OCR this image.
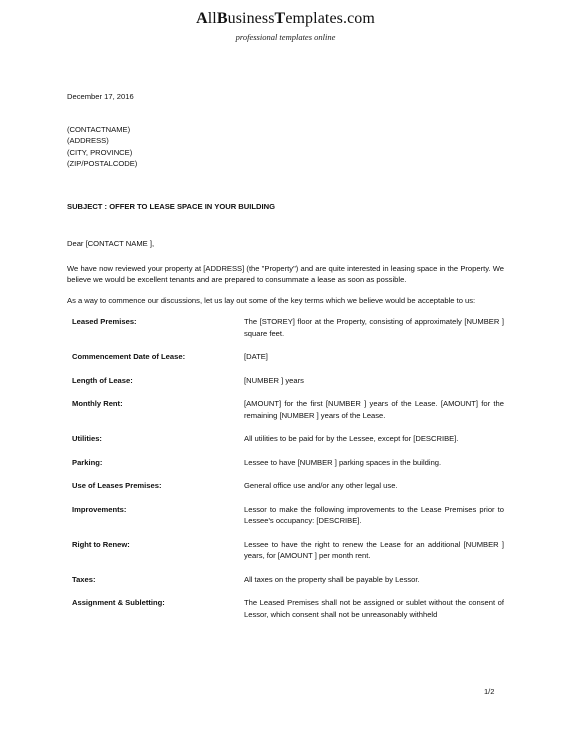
AllBusinessTemplates.com
professional templates online
December 17, 2016
(CONTACTNAME)
(ADDRESS)
(CITY, PROVINCE)
(ZIP/POSTALCODE)
SUBJECT : OFFER TO LEASE SPACE IN YOUR BUILDING
Dear [CONTACT NAME ],
We have now reviewed your property at [ADDRESS] (the "Property") and are quite interested in leasing space in the Property. We believe we would be excellent tenants and are prepared to consummate a lease as soon as possible.
As a way to commence our discussions, let us lay out some of the key terms which we believe would be acceptable to us:
Leased Premises:	The [STOREY] floor at the Property, consisting of approximately [NUMBER ] square feet.
Commencement Date of Lease:	[DATE]
Length of Lease:	[NUMBER ] years
Monthly Rent:	[AMOUNT] for the first [NUMBER ] years of the Lease. [AMOUNT] for the remaining [NUMBER ] years of the Lease.
Utilities:	All utilities to be paid for by the Lessee, except for [DESCRIBE].
Parking:	Lessee to have [NUMBER ] parking spaces in the building.
Use of Leases Premises:	General office use and/or any other legal use.
Improvements:	Lessor to make the following improvements to the Lease Premises prior to Lessee's occupancy: [DESCRIBE].
Right to Renew:	Lessee to have the right to renew the Lease for an additional [NUMBER ] years, for [AMOUNT ] per month rent.
Taxes:	All taxes on the property shall be payable by Lessor.
Assignment & Subletting:	The Leased Premises shall not be assigned or sublet without the consent of Lessor, which consent shall not be unreasonably withheld
1/2
